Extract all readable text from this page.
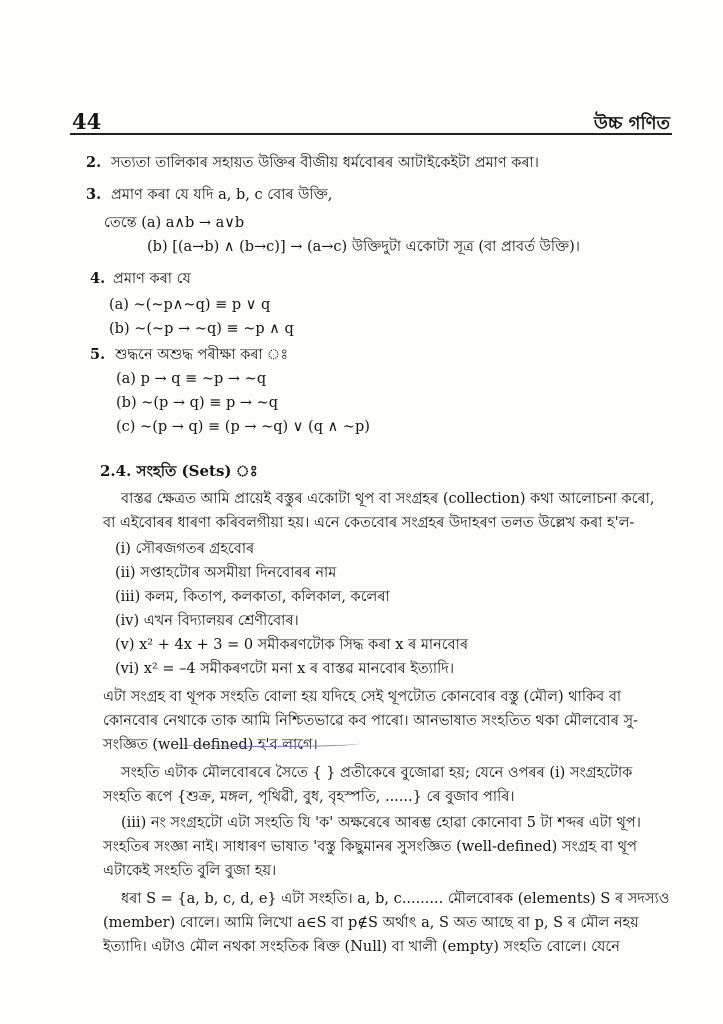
44	উচ্চ গণিত
2. সত্যতা তালিকাৰ সহায়ত উক্তিৰ বীজীয় ধর্মবোৰৰ আটাইকেইটা প্রমাণ কৰা।
3. প্রমাণ কৰা যে যদি a, b, c বোৰ উক্তি,
তেন্তে (a) a∧b → a∨b
(b) [(a→b) ∧ (b→c)] → (a→c) উক্তিদুটা একোটা সূত্র (বা প্রাবর্ত উক্তি)।
4. প্রমাণ কৰা যে
(a) ~(~p∧~q) ≡ p ∨ q
(b) ~(~p → ~q) ≡ ~p ∧ q
5. শুদ্ধনে অশুদ্ধ পৰীক্ষা কৰা ঃ
(a) p → q ≡ ~p → ~q
(b) ~(p → q) ≡ p → ~q
(c) ~(p → q) ≡ (p → ~q) ∨ (q ∧ ~p)
2.4. সংহতি (Sets) ঃ
বাস্তৱ ক্ষেত্রত আমি প্রায়েই বস্তুৰ একোটা থূপ বা সংগ্রহৰ (collection) কথা আলোচনা কৰো,
বা এইবোৰৰ ধাৰণা কৰিবলগীয়া হয়। এনে কেতবোৰ সংগ্রহৰ উদাহৰণ তলত উল্লেখ কৰা হ'ল-
(i) সৌৰজগতৰ গ্রহবোৰ
(ii) সপ্তাহটোৰ অসমীয়া দিনবোৰৰ নাম
(iii) কলম, কিতাপ, কলকাতা, কলিকাল, কলেৰা
(iv) এখন বিদ্যালয়ৰ শ্রেণীবোৰ।
(v) x² + 4x + 3 = 0 সমীকৰণটোক সিদ্ধ কৰা x ৰ মানবোৰ
(vi) x² = –4 সমীকৰণটো মনা x ৰ বাস্তৱ মানবোৰ ইত্যাদি।
এটা সংগ্রহ বা থূপক সংহতি বোলা হয় যদিহে সেই থূপটোত কোনবোৰ বস্তু (মৌল) থাকিব বা
কোনবোৰ নেথাকে তাক আমি নিশ্চিতভাৱে কব পাৰো। আনভাষাত সংহতিত থকা মৌলবোৰ সু-
সংজ্ঞিত (well defined) হ'ব লাগে।
সংহতি এটাক মৌলবোৰৰে সৈতে { } প্রতীকেৰে বুজোৱা হয়; যেনে ওপৰৰ (i) সংগ্রহটোক
সংহতি ৰূপে {শুক্র, মঙ্গল, পৃথিৱী, বুধ, বৃহস্পতি, ......} ৰে বুজাব পাৰি।
(iii) নং সংগ্রহটো এটা সংহতি যি 'ক' অক্ষৰেৰে আৰম্ভ হোৱা কোনোবা 5 টা শব্দৰ এটা থূপ।
সংহতিৰ সংজ্ঞা নাই। সাধাৰণ ভাষাত 'বস্তু কিছুমানৰ সুসংজ্ঞিত (well-defined) সংগ্রহ বা থূপ
এটাকেই সংহতি বুলি বুজা হয়।
ধৰা S = {a, b, c, d, e} এটা সংহতি। a, b, c......... মৌলবোৰক (elements) S ৰ সদস্যও
(member) বোলে। আমি লিখো a∈S বা p∉S অর্থাৎ a, S অত আছে বা p, S ৰ মৌল নহয়
ইত্যাদি। এটাও মৌল নথকা সংহতিক ৰিক্ত (Null) বা খালী (empty) সংহতি বোলে। যেনে
